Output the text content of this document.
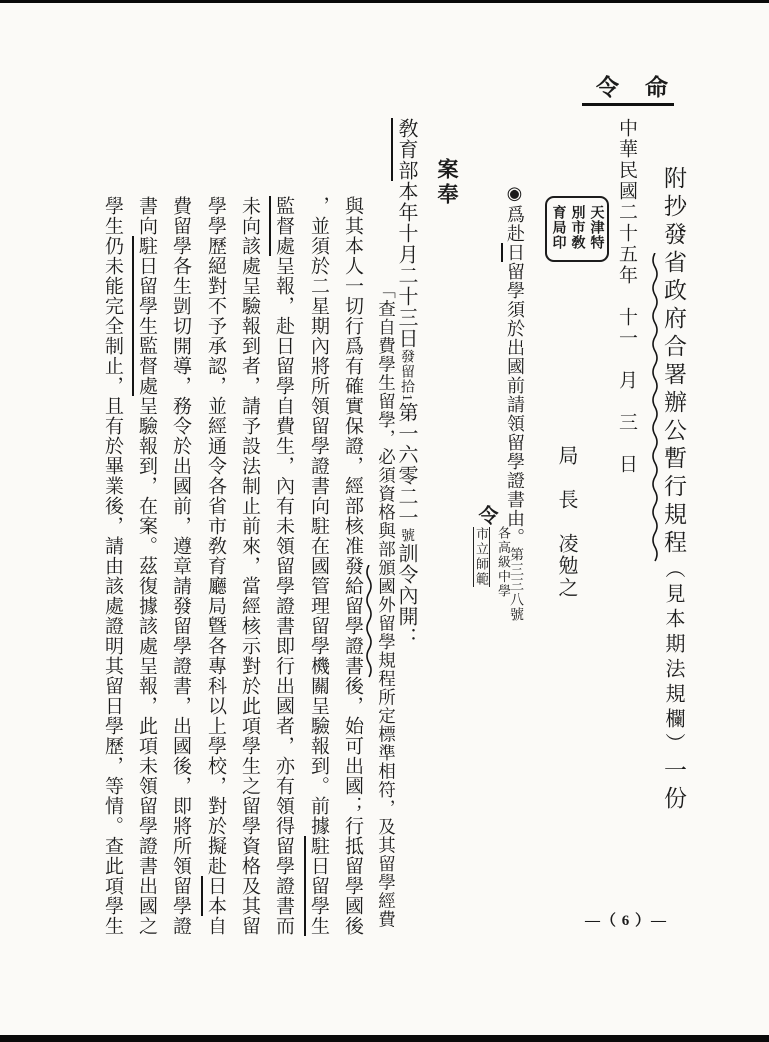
命
令
附抄發省政府合署辦公暫行規程（見本期法規欄）一份
中華民國二十五年　十一　月　三　日
局　長　凌勉之
天津特別市敎育局印
◉爲赴日留學須於出國前請領留學證書由。第三三八號
令
各高級中學
市立師範
案奉
敎育部本年十月二十三日發留拾1第一六零二一號訓令內開：
「查自費學生留學，必須資格與部頒國外留學規程所定標準相符，及其留學經費
與其本人一切行爲有確實保證，經部核准發給留學證書後，始可出國；行抵留學國後
，並須於二星期內將所領留學證書向駐在國管理留學機關呈驗報到。前據駐日留學生
監督處呈報，赴日留學自費生，內有未領留學證書即行出國者，亦有領得留學證書而
未向該處呈驗報到者，請予設法制止前來，當經核示對於此項學生之留學資格及其留
學學歷絕對不予承認，並經通令各省市敎育廳局曁各專科以上學校，對於擬赴日本自
費留學各生剴切開導，務令於出國前，遵章請發留學證書，出國後，即將所領留學證
書向駐日留學生監督處呈驗報到，在案。茲復據該處呈報，此項未領留學證書出國之
學生仍未能完全制止，且有於畢業後，請由該處證明其留日學歷，等情。查此項學生	—（ 6 ）—
